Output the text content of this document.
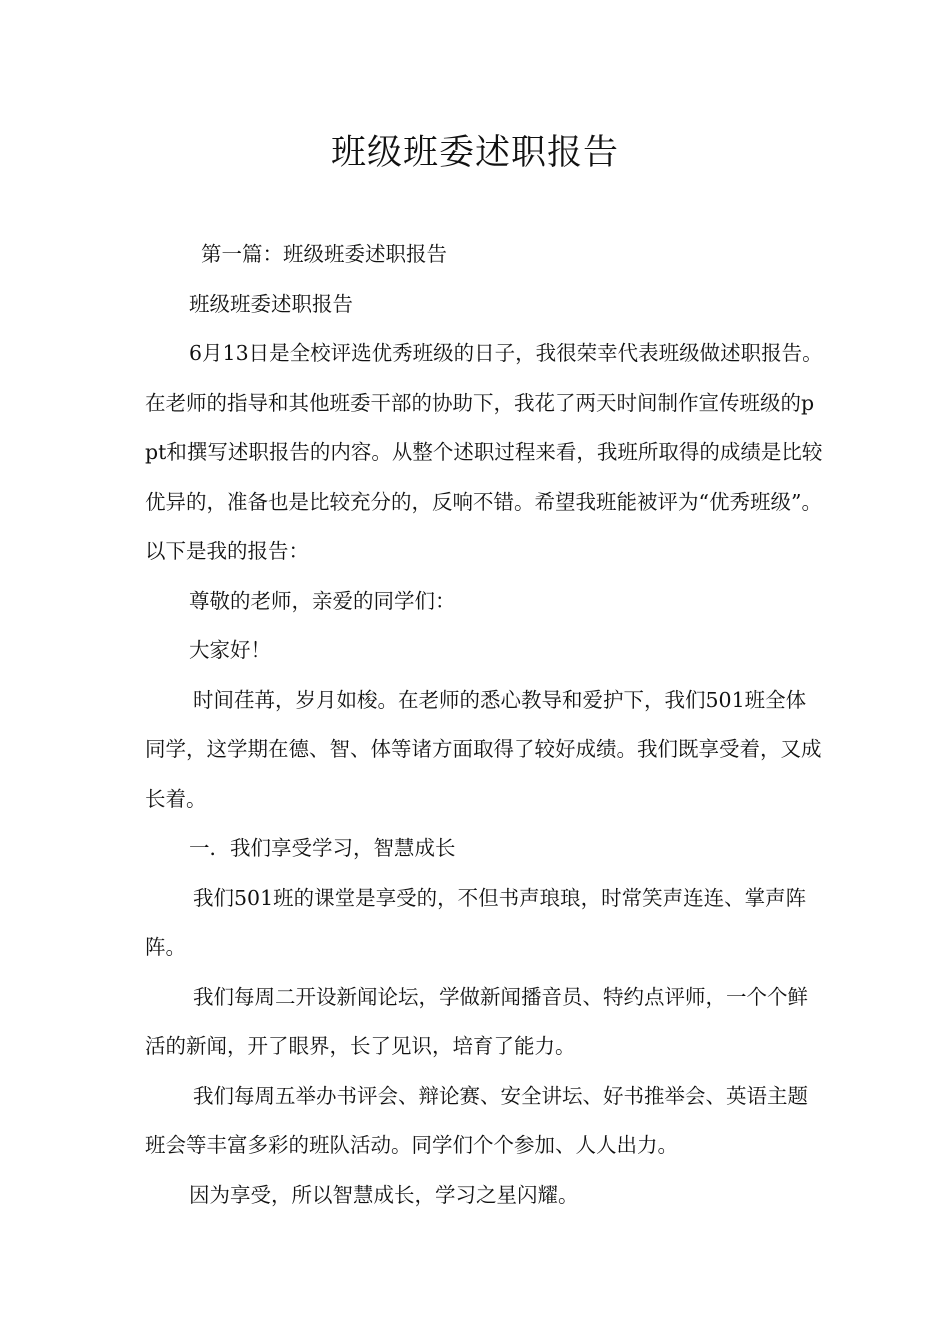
班级班委述职报告

第一篇：班级班委述职报告

班级班委述职报告

6月13日是全校评选优秀班级的日子，我很荣幸代表班级做述职报告。在老师的指导和其他班委干部的协助下，我花了两天时间制作宣传班级的ppt和撰写述职报告的内容。从整个述职过程来看，我班所取得的成绩是比较优异的，准备也是比较充分的，反响不错。希望我班能被评为“优秀班级”。以下是我的报告：

尊敬的老师，亲爱的同学们：

大家好！

时间荏苒，岁月如梭。在老师的悉心教导和爱护下，我们501班全体同学，这学期在德、智、体等诸方面取得了较好成绩。我们既享受着，又成长着。

一．我们享受学习，智慧成长

我们501班的课堂是享受的，不但书声琅琅，时常笑声连连、掌声阵阵。

我们每周二开设新闻论坛，学做新闻播音员、特约点评师，一个个鲜活的新闻，开了眼界，长了见识，培育了能力。

我们每周五举办书评会、辩论赛、安全讲坛、好书推举会、英语主题班会等丰富多彩的班队活动。同学们个个参加、人人出力。

因为享受，所以智慧成长，学习之星闪耀。
